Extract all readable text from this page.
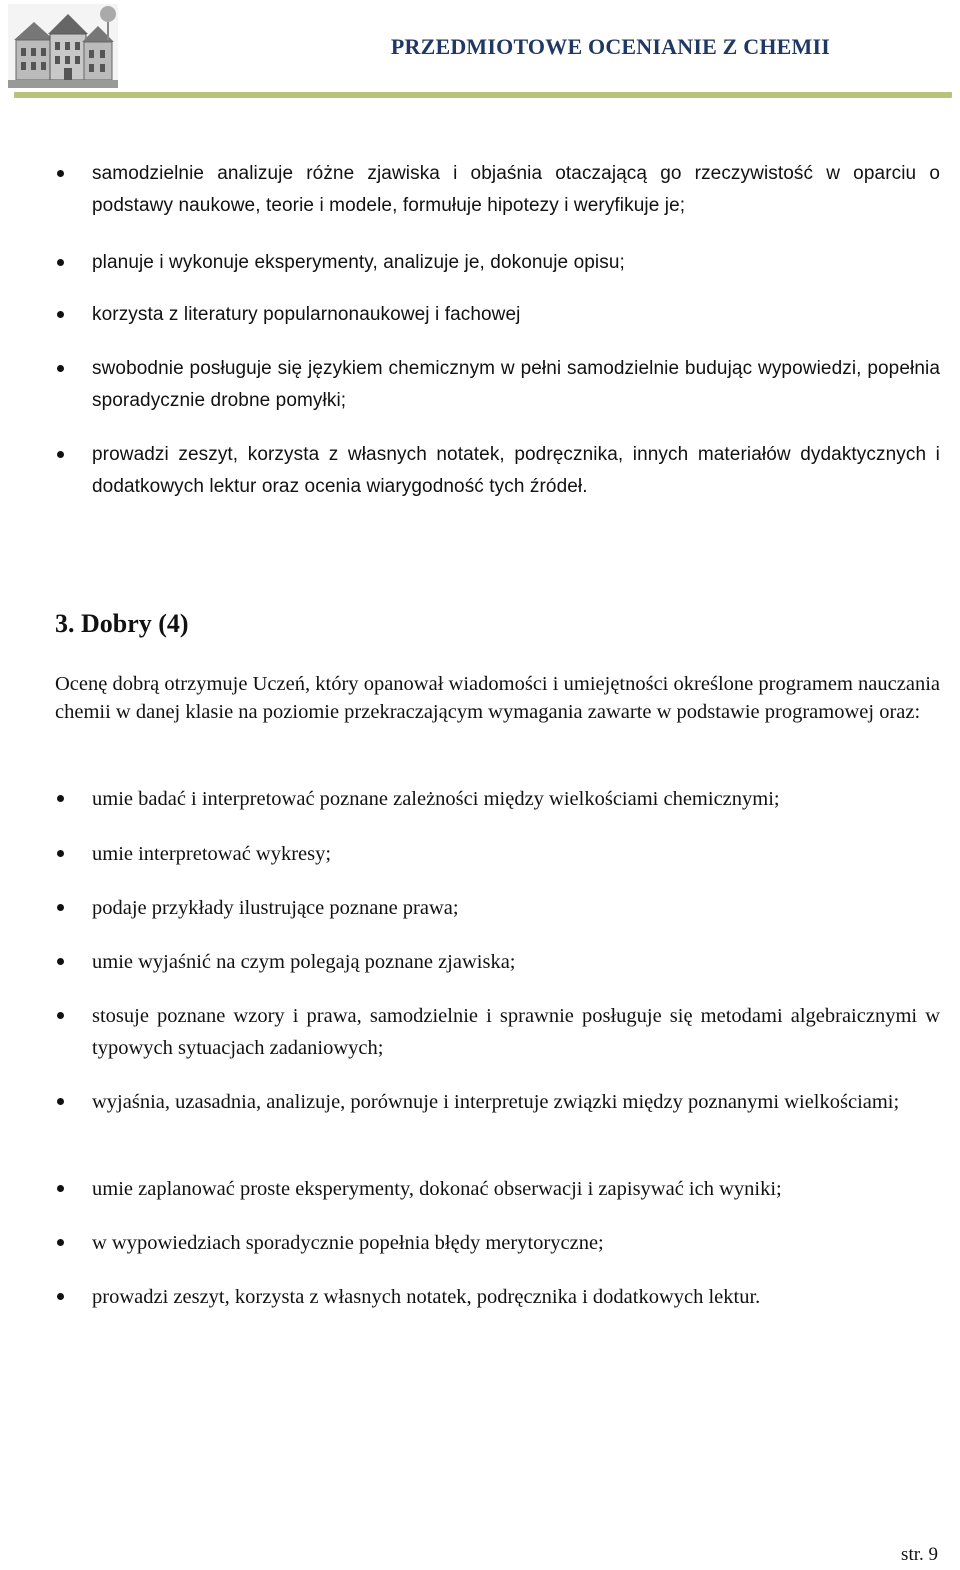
PRZEDMIOTOWE OCENIANIE Z CHEMII

samodzielnie analizuje różne zjawiska i objaśnia otaczającą go rzeczywistość w oparciu o podstawy naukowe, teorie i modele, formułuje hipotezy i weryfikuje je;

planuje i wykonuje eksperymenty, analizuje je, dokonuje opisu;

korzysta z literatury popularnonaukowej i fachowej

swobodnie posługuje się językiem chemicznym w pełni samodzielnie budując wypowiedzi, popełnia sporadycznie drobne pomyłki;

prowadzi zeszyt, korzysta z własnych notatek, podręcznika, innych materiałów dydaktycznych i dodatkowych lektur oraz ocenia wiarygodność tych źródeł.

3. Dobry (4)

Ocenę dobrą otrzymuje Uczeń, który opanował wiadomości i umiejętności określone programem nauczania chemii w danej klasie na poziomie przekraczającym wymagania zawarte w podstawie programowej oraz:

umie badać i interpretować poznane zależności między wielkościami chemicznymi;

umie interpretować wykresy;

podaje przykłady ilustrujące poznane prawa;

umie wyjaśnić na czym polegają poznane zjawiska;

stosuje poznane wzory i prawa, samodzielnie i sprawnie posługuje się metodami algebraicznymi w typowych sytuacjach zadaniowych;

wyjaśnia, uzasadnia, analizuje, porównuje i interpretuje związki między poznanymi wielkościami;

umie zaplanować proste eksperymenty, dokonać obserwacji i zapisywać ich wyniki;

w wypowiedziach sporadycznie popełnia błędy merytoryczne;

prowadzi zeszyt, korzysta z własnych notatek, podręcznika i dodatkowych lektur.

str. 9
